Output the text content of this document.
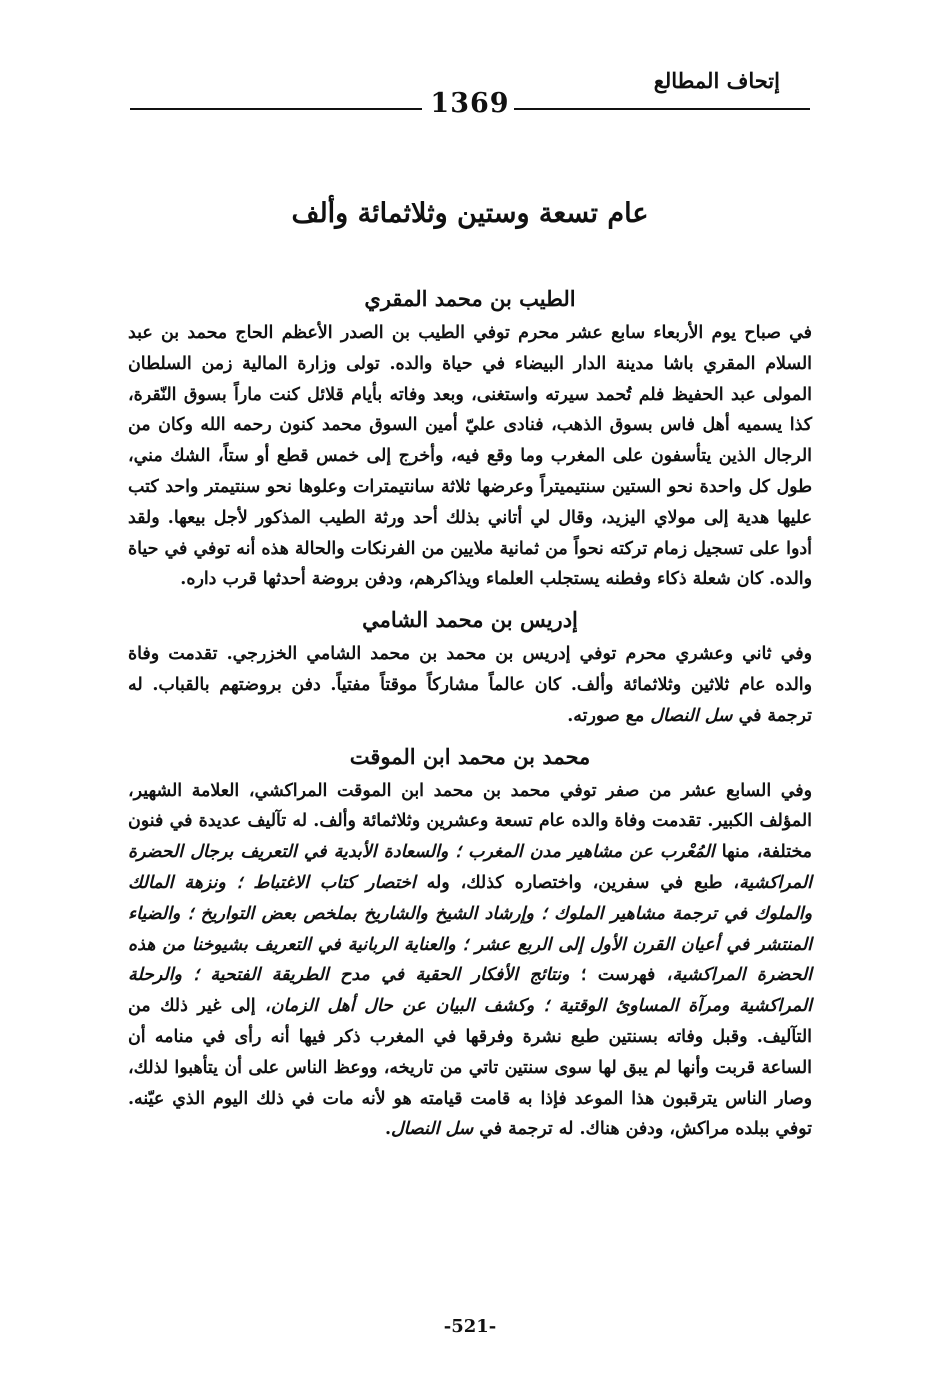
إتحاف المطالع
1369
عام تسعة وستين وثلاثمائة وألف

الطيب بن محمد المقري

في صباح يوم الأربعاء سابع عشر محرم توفي الطيب بن الصدر الأعظم الحاج محمد بن عبد السلام المقري باشا مدينة الدار البيضاء في حياة والده. تولى وزارة المالية زمن السلطان المولى عبد الحفيظ فلم تُحمد سيرته واستغنى، وبعد وفاته بأيام قلائل كنت ماراً بسوق النّقرة، كذا يسميه أهل فاس بسوق الذهب، فنادى عليّ أمين السوق محمد كنون رحمه الله وكان من الرجال الذين يتأسفون على المغرب وما وقع فيه، وأخرج إلى خمس قطع أو ستاً، الشك مني، طول كل واحدة نحو الستين سنتيميتراً وعرضها ثلاثة سانتيمترات وعلوها نحو سنتيمتر واحد كتب عليها هدية إلى مولاي اليزيد، وقال لي أتاني بذلك أحد ورثة الطيب المذكور لأجل بيعها. ولقد أدوا على تسجيل زمام تركته نحواً من ثمانية ملايين من الفرنكات والحالة هذه أنه توفي في حياة والده. كان شعلة ذكاء وفطنه يستجلب العلماء ويذاكرهم، ودفن بروضة أحدثها قرب داره.

إدريس بن محمد الشامي

وفي ثاني وعشري محرم توفي إدريس بن محمد بن محمد الشامي الخزرجي. تقدمت وفاة والده عام ثلاثين وثلاثمائة وألف. كان عالماً مشاركاً موقتاً مفتياً. دفن بروضتهم بالقباب. له ترجمة في سل النصال مع صورته.

محمد بن محمد ابن الموقت

وفي السابع عشر من صفر توفي محمد بن محمد ابن الموقت المراكشي، العلامة الشهير، المؤلف الكبير. تقدمت وفاة والده عام تسعة وعشرين وثلاثمائة وألف. له تآليف عديدة في فنون مختلفة، منها المُعْرب عن مشاهير مدن المغرب ؛ والسعادة الأبدية في التعريف برجال الحضرة المراكشية، طبع في سفرين، واختصاره كذلك، وله اختصار كتاب الاغتباط ؛ ونزهة المالك والملوك في ترجمة مشاهير الملوك ؛ وإرشاد الشيخ والشاريخ بملخص بعض التواريخ ؛ والضياء المنتشر في أعيان القرن الأول إلى الربع عشر ؛ والعناية الربانية في التعريف بشيوخنا من هذه الحضرة المراكشية، فهرست ؛ ونتائج الأفكار الحقية في مدح الطريقة الفتحية ؛ والرحلة المراكشية ومرآة المساوئ الوقتية ؛ وكشف البيان عن حال أهل الزمان، إلى غير ذلك من التآليف. وقبل وفاته بسنتين طبع نشرة وفرقها في المغرب ذكر فيها أنه رأى في منامه أن الساعة قربت وأنها لم يبق لها سوى سنتين تاتي من تاريخه، ووعظ الناس على أن يتأهبوا لذلك، وصار الناس يترقبون هذا الموعد فإذا به قامت قيامته هو لأنه مات في ذلك اليوم الذي عيّنه. توفي ببلده مراكش، ودفن هناك. له ترجمة في سل النصال.

-521-
